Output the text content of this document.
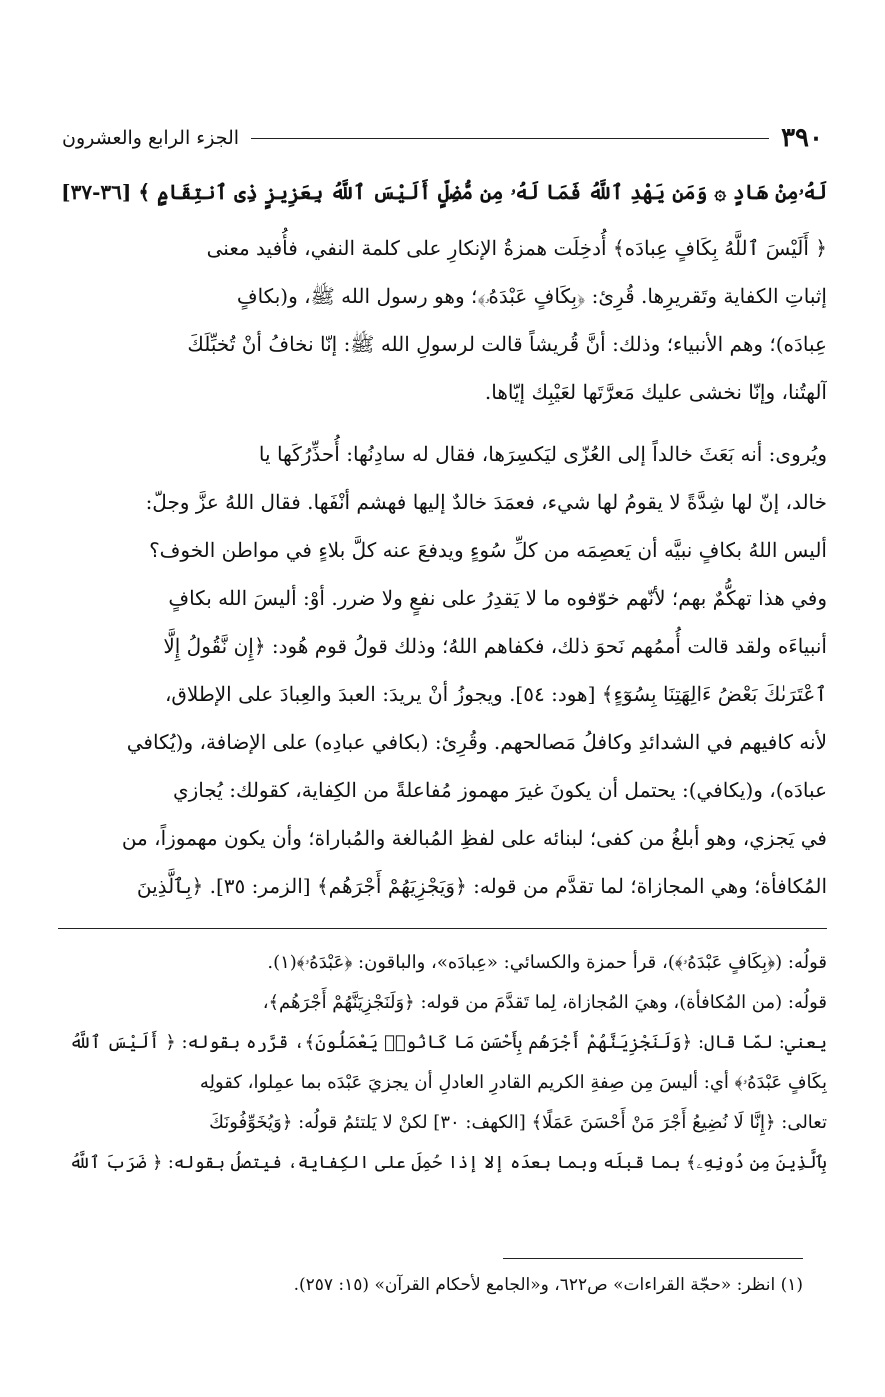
٣٩٠
الجزء الرابع والعشرون
لَهُۥمِنْ هَادٍ ۞ وَمَن يَهْدِ ٱللَّهُ فَمَا لَهُۥ مِن مُّضِلٍّ أَلَيْسَ ٱللَّهُ بِعَزِيزٍ ذِى ٱنتِقَامٍ ﴾ [٣٦-٣٧]
﴿ أَلَيْسَ ٱللَّهُ بِكَافٍ عِبادَه﴾ أُدخِلَت همزةُ الإنكارِ على كلمة النفي، فأُفيد معنى
إثباتِ الكفاية وتَقريرِها. قُرِئ: ﴿بِكَافٍ عَبْدَهُۥ﴾؛ وهو رسول الله ﷺ، و(بكافٍ
عِبادَه)؛ وهم الأنبياء؛ وذلك: أنَّ قُريشاً قالت لرسولِ الله ﷺ: إنّا نخافُ أنْ تُخبِّلَكَ
آلهتُنا، وإنّا نخشى عليك مَعرَّتَها لعَيْبِك إيّاها.
ويُروى: أنه بَعَثَ خالداً إلى العُزّى ليَكسِرَها، فقال له سادِنُها: أُحذِّرُكَها يا
خالد، إنّ لها شِدَّةً لا يقومُ لها شيء، فعمَدَ خالدٌ إليها فهشم أنْفَها. فقال اللهُ عزَّ وجلّ:
أليس اللهُ بكافٍ نبيَّه أن يَعصِمَه من كلِّ سُوءٍ ويدفعَ عنه كلَّ بلاءٍ في مواطن الخوف؟
وفي هذا تهكُّمٌ بهم؛ لأنّهم خوّفوه ما لا يَقدِرُ على نفعٍ ولا ضرر. أوْ: أليسَ الله بكافٍ
أنبياءَه ولقد قالت أُممُهم نَحوَ ذلك، فكفاهم اللهُ؛ وذلك قولُ قوم هُود: ﴿إِن نَّقُولُ إِلَّا
ٱعْتَرَىٰكَ بَعْضُ ءَالِهَتِنَا بِسُوٓءٍ﴾ [هود: ٥٤]. ويجوزُ أنْ يريدَ: العبدَ والعِبادَ على الإطلاق،
لأنه كافيهم في الشدائدِ وكافلُ مَصالحهم. وقُرِئ: (بكافي عبادِه) على الإضافة، و(يُكافي
عبادَه)، و(يكافي): يحتمل أن يكونَ غيرَ مهموز مُفاعلةً من الكِفاية، كقولك: يُجازي
في يَجزي، وهو أبلغُ من كفى؛ لبنائه على لفظِ المُبالغة والمُباراة؛ وأن يكون مهموزاً، من
المُكافأة؛ وهي المجازاة؛ لما تقدَّم من قوله: ﴿وَيَجْزِيَهُمْ أَجْرَهُم﴾ [الزمر: ٣٥]. ﴿بِٱلَّذِينَ
قولُه: (﴿بِكَافٍ عَبْدَهُۥ﴾)، قرأ حمزة والكسائي: «عِبادَه»، والباقون: ﴿عَبْدَهُۥ﴾(١).
قولُه: (من المُكافأة)، وهيَ المُجازاة، لِما تَقدَّمَ من قوله: ﴿وَلَنَجْزِيَنَّهُمْ أَجْرَهُم﴾،
يعني: لمّا قال: ﴿وَلَنَجْزِيَنَّهُمْ أَجْرَهُم بِأَحْسَنِ مَا كَانُوا۟ يَعْمَلُونَ﴾، قرَّره بقوله: ﴿ أَلَيْسَ ٱللَّهُ
بِكَافٍ عَبْدَهُۥ﴾ أي: أليسَ مِن صِفةِ الكريم القادرِ العادلِ أن يجزيَ عَبْدَه بما عمِلوا، كقولِه
تعالى: ﴿إِنَّا لَا نُضِيعُ أَجْرَ مَنْ أَحْسَنَ عَمَلًا﴾ [الكهف: ٣٠] لكنْ لا يَلتئمُ قولُه: ﴿وَيُخَوِّفُونَكَ
بِٱلَّذِينَ مِن دُونِهِۦ﴾ بما قبلَه وبما بعدَه إلا إذا حُمِلَ على الكِفاية، فيتصلُ بقوله: ﴿ ضَرَبَ ٱللَّهُ
(١) انظر: «حجّة القراءات» ص٦٢٢، و«الجامع لأحكام القرآن» (١٥: ٢٥٧).
